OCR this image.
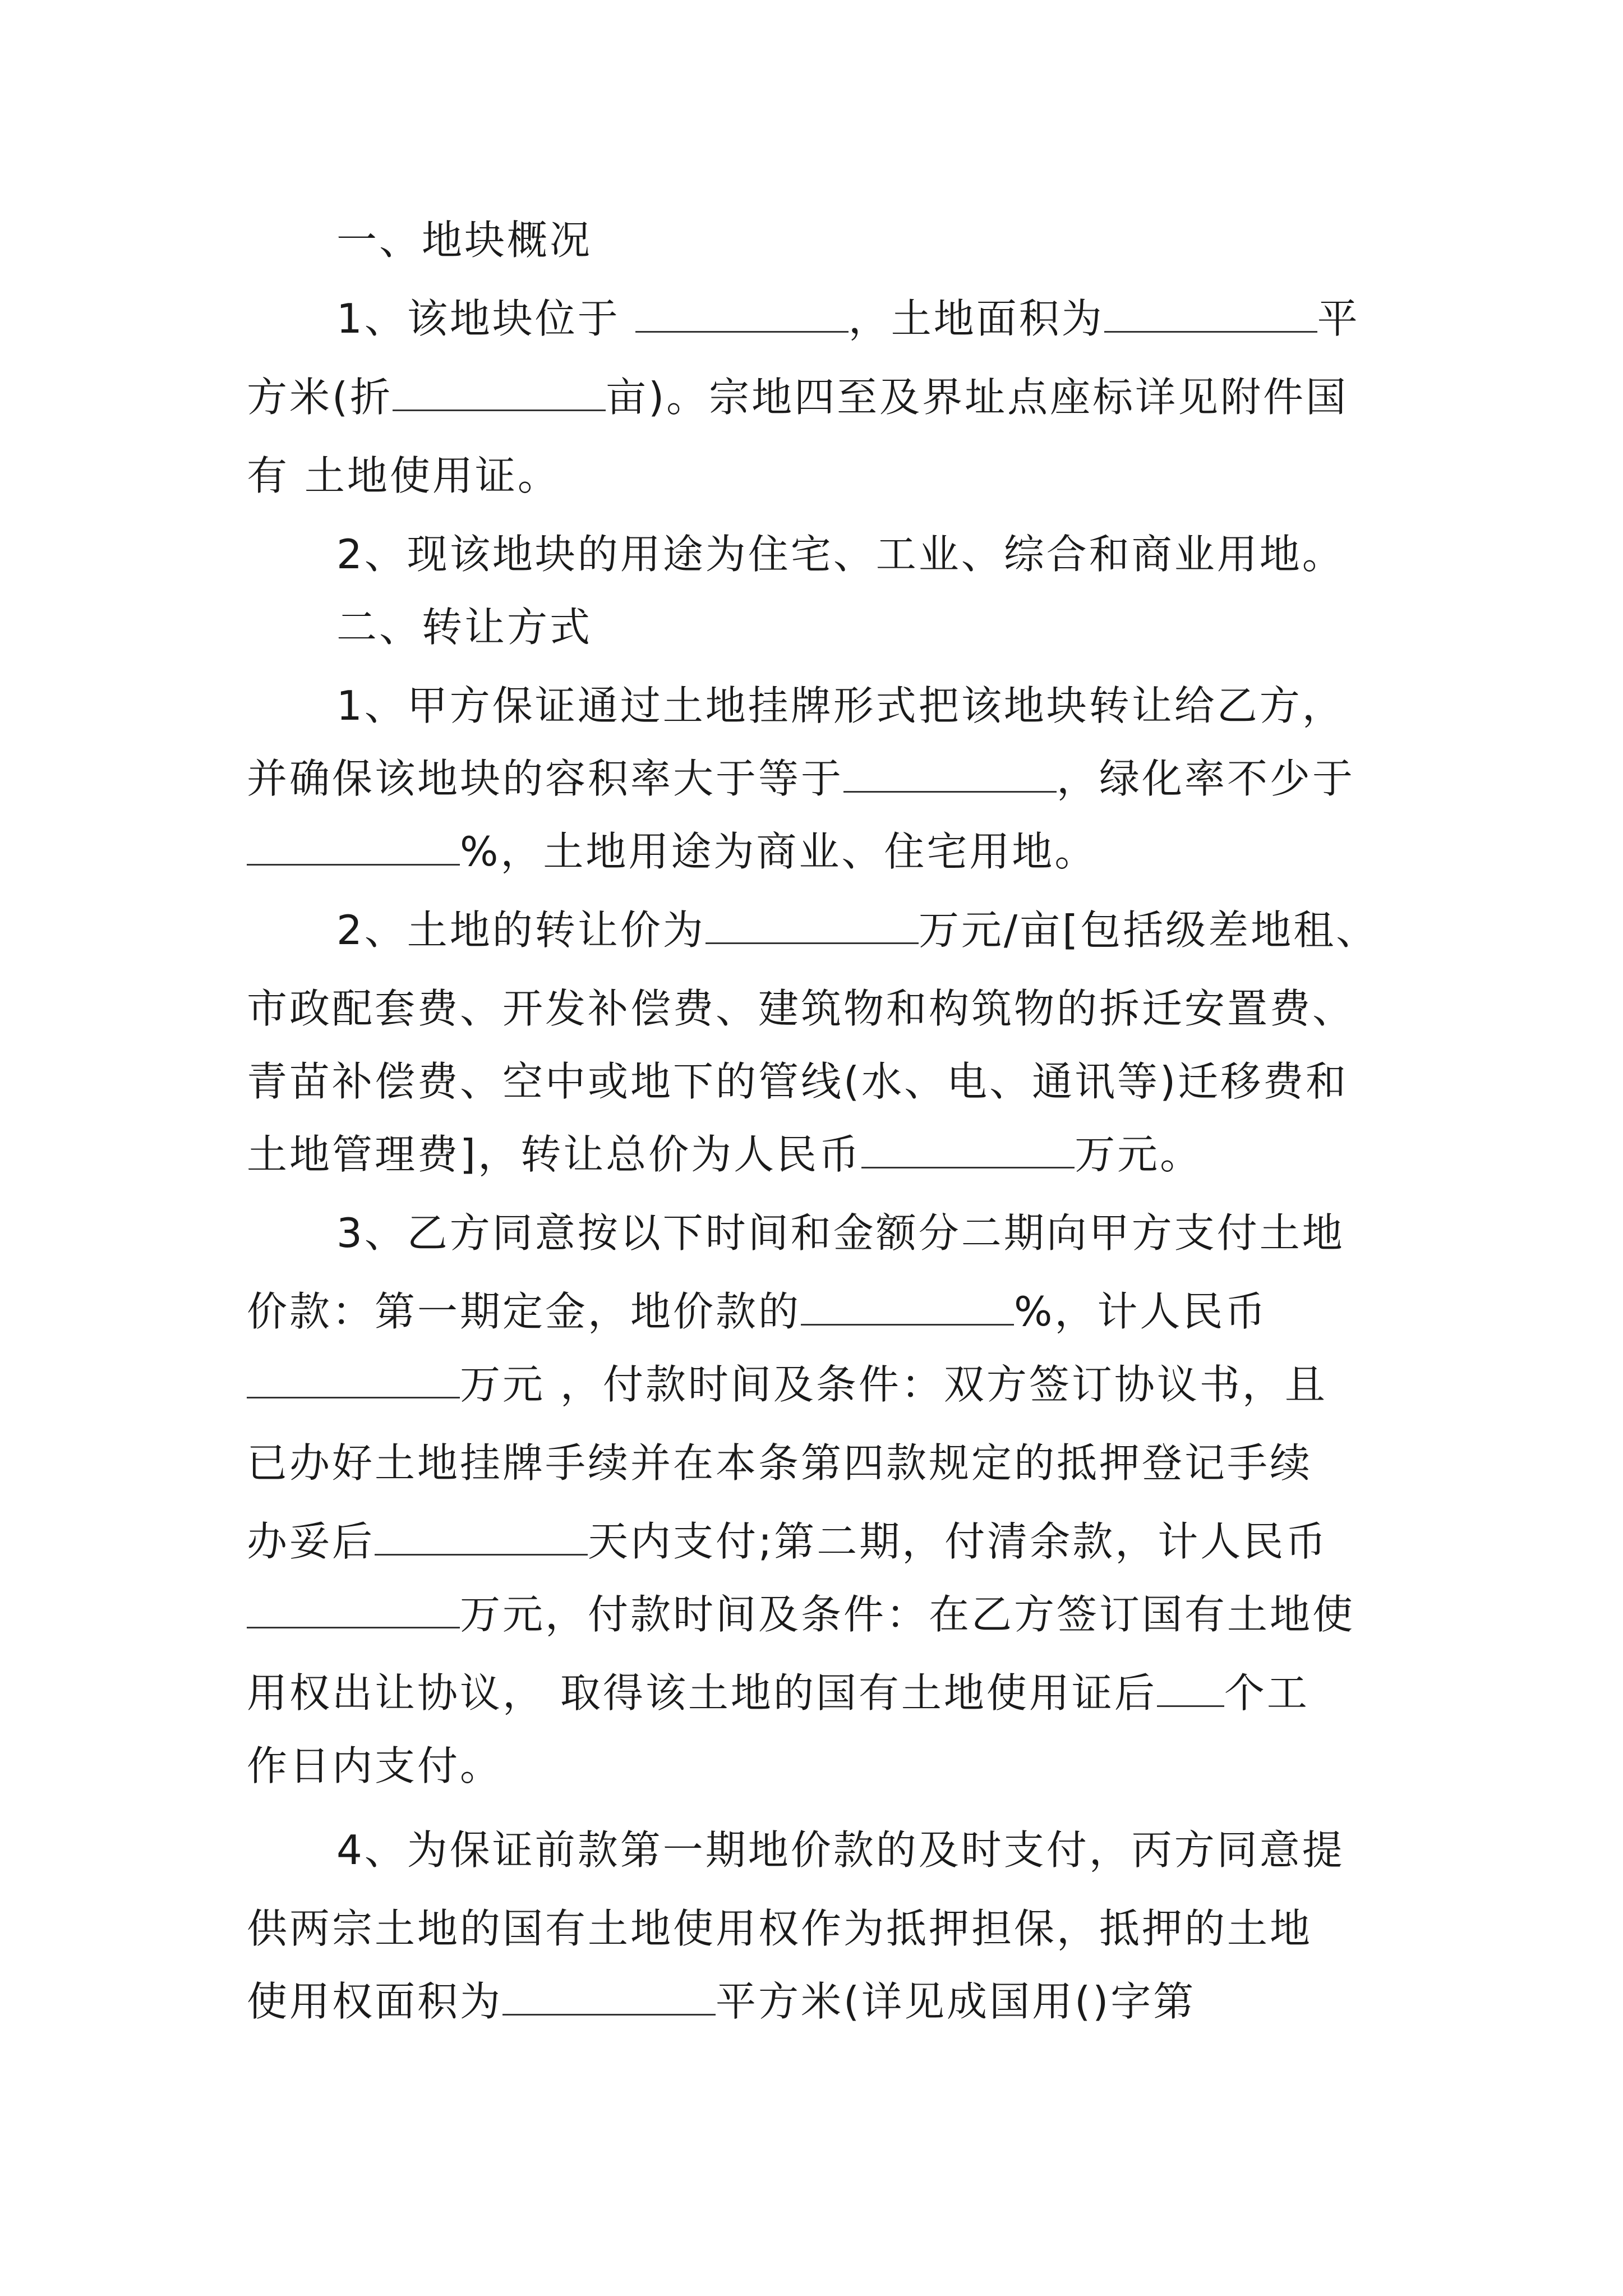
一、地块概况
1、该地块位于	，土地面积为	平
方米(折	亩)。宗地四至及界址点座标详见附件国
有 土地使用证。
2、现该地块的用途为住宅、工业、综合和商业用地。
二、转让方式
1、甲方保证通过土地挂牌形式把该地块转让给乙方，
并确保该地块的容积率大于等于	，绿化率不少于
%，土地用途为商业、住宅用地。
2、土地的转让价为	万元/亩[包括级差地租、
市政配套费、开发补偿费、建筑物和构筑物的拆迁安置费、
青苗补偿费、空中或地下的管线(水、电、通讯等)迁移费和
土地管理费]，转让总价为人民币	万元。
3、乙方同意按以下时间和金额分二期向甲方支付土地
价款：第一期定金，地价款的	%，计人民币
万元 ，付款时间及条件：双方签订协议书，且
已办好土地挂牌手续并在本条第四款规定的抵押登记手续
办妥后	天内支付;第二期，付清余款，计人民币
万元，付款时间及条件：在乙方签订国有土地使
用权出让协议， 取得该土地的国有土地使用证后 个工
作日内支付。
4、为保证前款第一期地价款的及时支付，丙方同意提
供两宗土地的国有土地使用权作为抵押担保，抵押的土地
使用权面积为	平方米(详见成国用()字第
